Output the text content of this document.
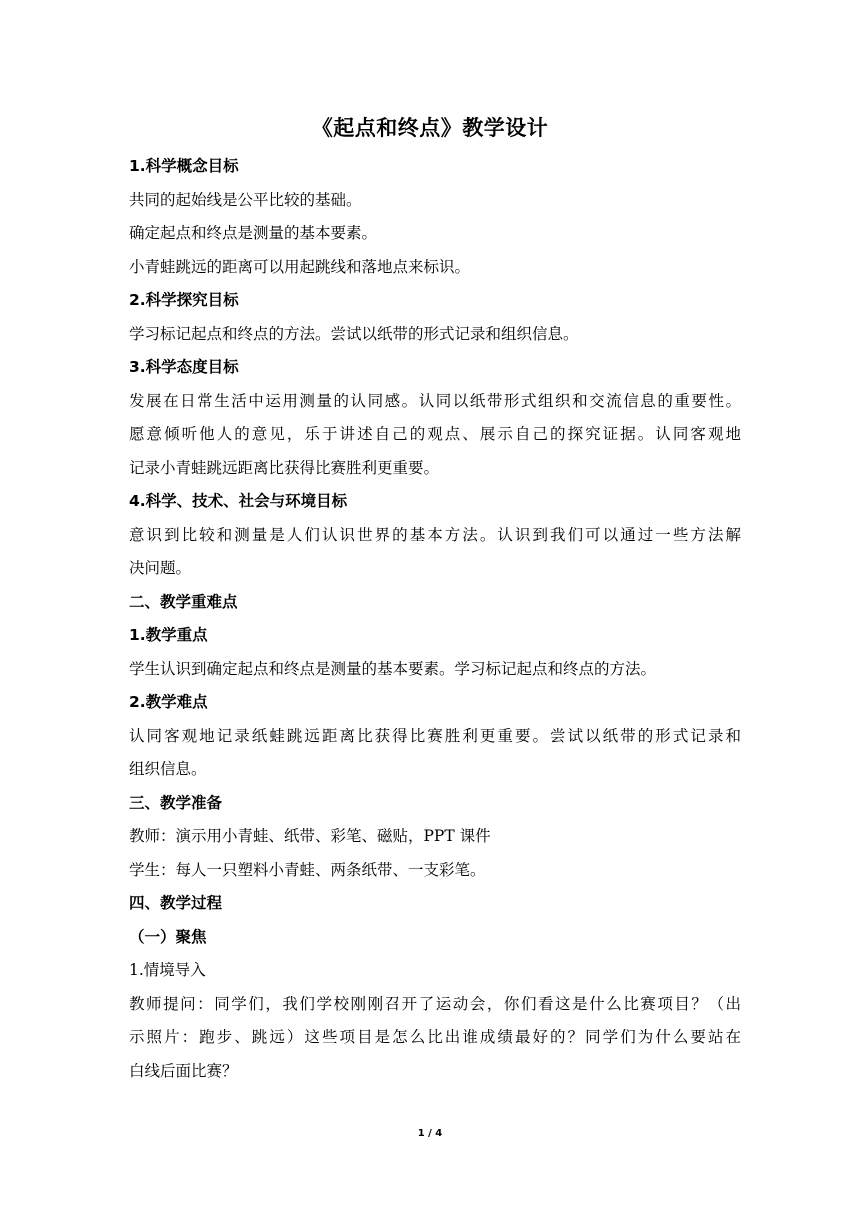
《起点和终点》教学设计
1.科学概念目标
共同的起始线是公平比较的基础。
确定起点和终点是测量的基本要素。
小青蛙跳远的距离可以用起跳线和落地点来标识。
2.科学探究目标
学习标记起点和终点的方法。尝试以纸带的形式记录和组织信息。
3.科学态度目标
发展在日常生活中运用测量的认同感。认同以纸带形式组织和交流信息的重要性。
愿意倾听他人的意见，乐于讲述自己的观点、展示自己的探究证据。认同客观地
记录小青蛙跳远距离比获得比赛胜利更重要。
4.科学、技术、社会与环境目标
意识到比较和测量是人们认识世界的基本方法。认识到我们可以通过一些方法解
决问题。
二、教学重难点
1.教学重点
学生认识到确定起点和终点是测量的基本要素。学习标记起点和终点的方法。
2.教学难点
认同客观地记录纸蛙跳远距离比获得比赛胜利更重要。尝试以纸带的形式记录和
组织信息。
三、教学准备
教师：演示用小青蛙、纸带、彩笔、磁贴，PPT 课件
学生：每人一只塑料小青蛙、两条纸带、一支彩笔。
四、教学过程
（一）聚焦
1.情境导入
教师提问：同学们，我们学校刚刚召开了运动会，你们看这是什么比赛项目？（出
示照片：跑步、跳远）这些项目是怎么比出谁成绩最好的？同学们为什么要站在
白线后面比赛？
1 / 4
